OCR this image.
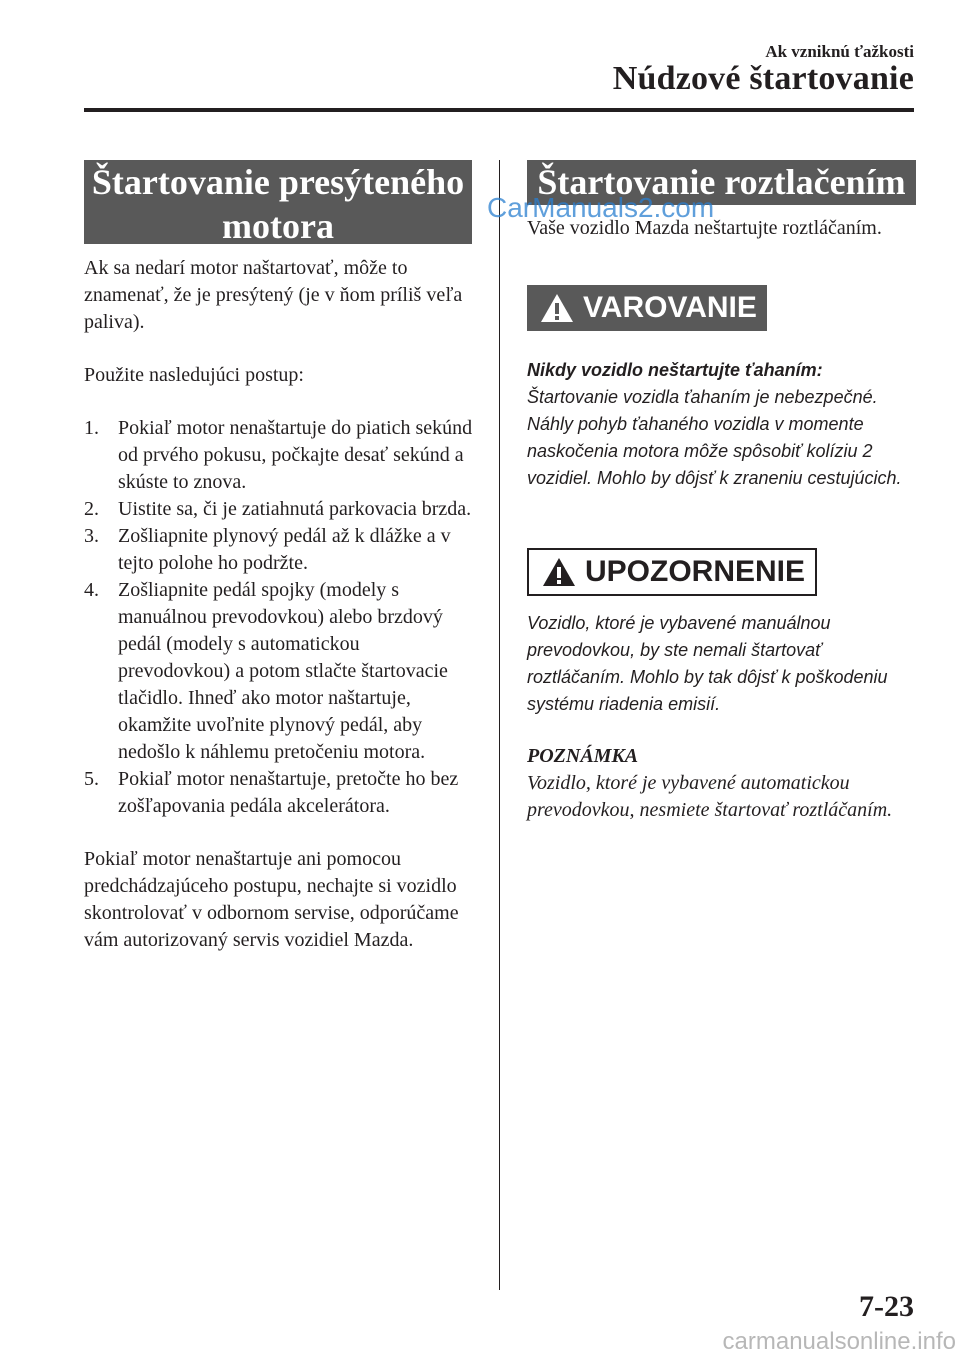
Ak vzniknú ťažkosti
Núdzové štartovanie
Štartovanie presýteného
motora

Ak sa nedarí motor naštartovať, môže to znamenať, že je presýtený (je v ňom príliš veľa paliva).

Použite nasledujúci postup:

1. Pokiaľ motor nenaštartuje do piatich sekúnd od prvého pokusu, počkajte desať sekúnd a skúste to znova.
2. Uistite sa, či je zatiahnutá parkovacia brzda.
3. Zošliapnite plynový pedál až k dlážke a v tejto polohe ho podržte.
4. Zošliapnite pedál spojky (modely s manuálnou prevodovkou) alebo brzdový pedál (modely s automatickou prevodovkou) a potom stlačte štartovacie tlačidlo. Ihneď ako motor naštartuje, okamžite uvoľnite plynový pedál, aby nedošlo k náhlemu pretočeniu motora.
5. Pokiaľ motor nenaštartuje, pretočte ho bez zošľapovania pedála akcelerátora.

Pokiaľ motor nenaštartuje ani pomocou predchádzajúceho postupu, nechajte si vozidlo skontrolovať v odbornom servise, odporúčame vám autorizovaný servis vozidiel Mazda.

Štartovanie roztlačením

Vaše vozidlo Mazda neštartujte roztláčaním.

VAROVANIE

Nikdy vozidlo neštartujte ťahaním:

Štartovanie vozidla ťahaním je nebezpečné. Náhly pohyb ťahaného vozidla v momente naskočenia motora môže spôsobiť kolíziu 2 vozidiel. Mohlo by dôjsť k zraneniu cestujúcich.

UPOZORNENIE

Vozidlo, ktoré je vybavené manuálnou prevodovkou, by ste nemali štartovať roztláčaním. Mohlo by tak dôjsť k poškodeniu systému riadenia emisií.

POZNÁMKA

Vozidlo, ktoré je vybavené automatickou prevodovkou, nesmiete štartovať roztláčaním.

7-23
CarManuals2.com
carmanualsonline.info
